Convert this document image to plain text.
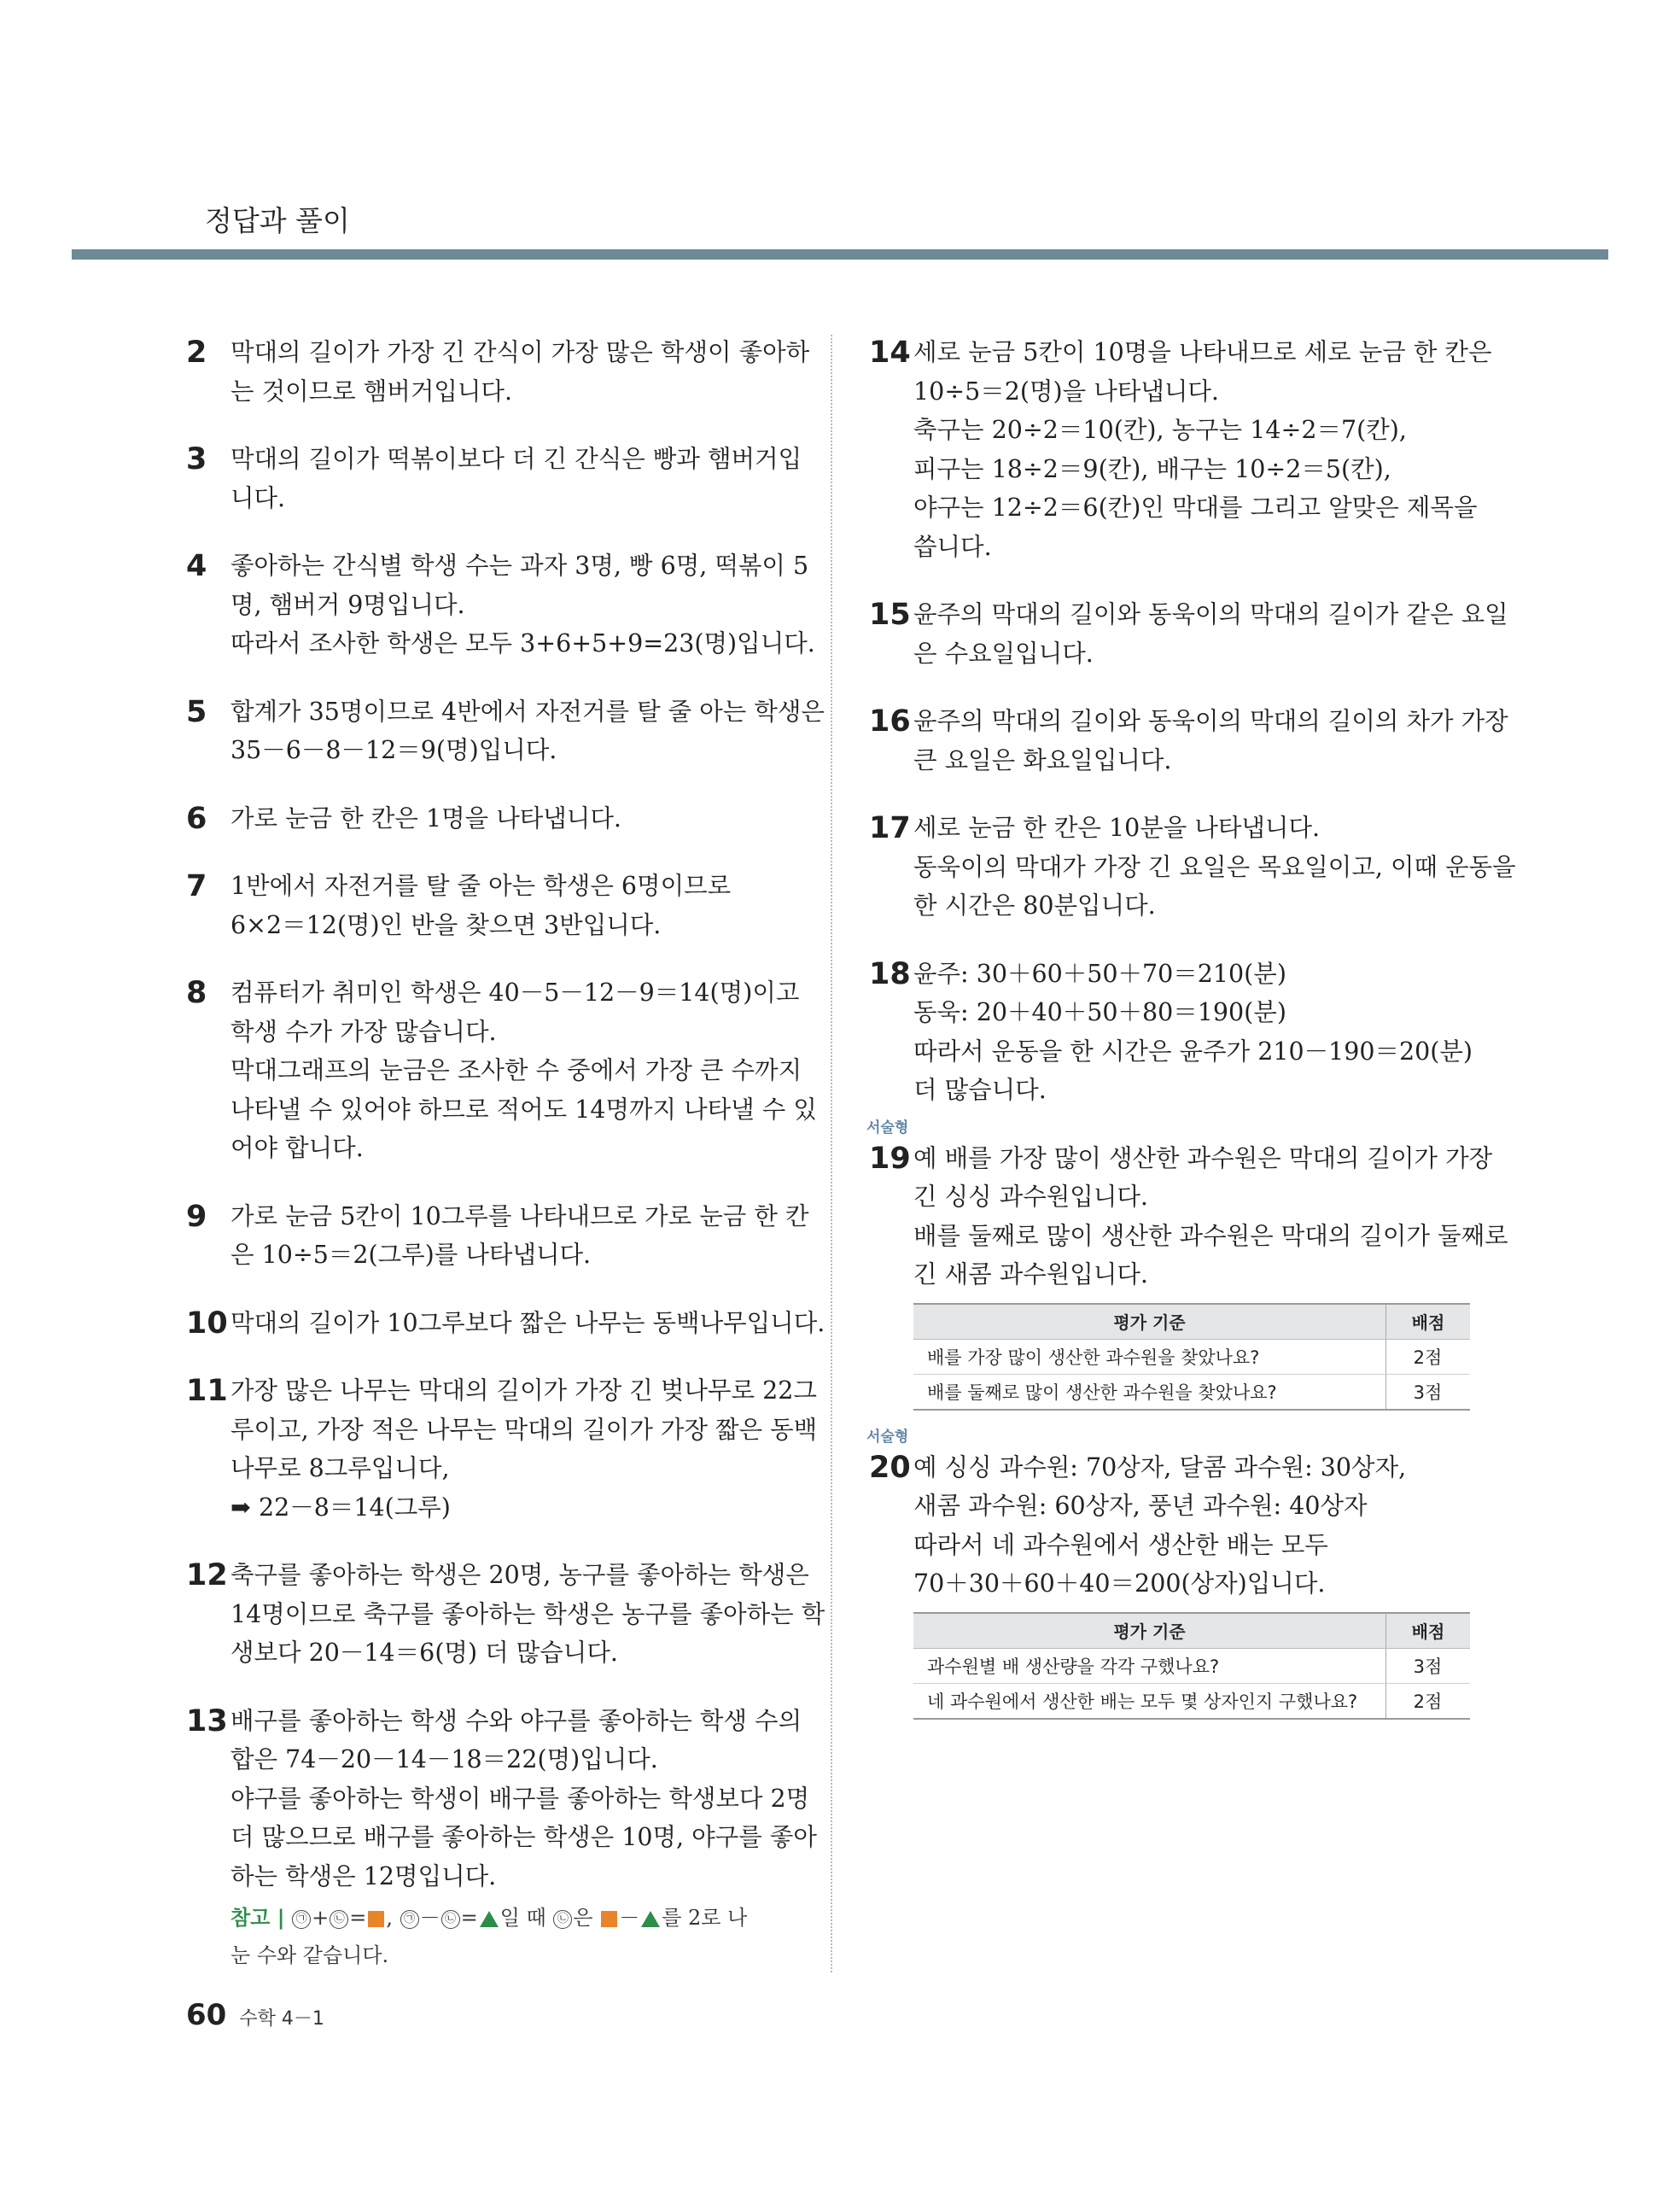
정답과 풀이
2 막대의 길이가 가장 긴 간식이 가장 많은 학생이 좋아하
는 것이므로 햄버거입니다.
3 막대의 길이가 떡볶이보다 더 긴 간식은 빵과 햄버거입
니다.
4 좋아하는 간식별 학생 수는 과자 3명, 빵 6명, 떡볶이 5
명, 햄버거 9명입니다.
따라서 조사한 학생은 모두 3+6+5+9=23(명)입니다.
5 합계가 35명이므로 4반에서 자전거를 탈 줄 아는 학생은
35－6－8－12＝9(명)입니다.
6 가로 눈금 한 칸은 1명을 나타냅니다.
7 1반에서 자전거를 탈 줄 아는 학생은 6명이므로
6×2＝12(명)인 반을 찾으면 3반입니다.
8 컴퓨터가 취미인 학생은 40－5－12－9＝14(명)이고
학생 수가 가장 많습니다.
막대그래프의 눈금은 조사한 수 중에서 가장 큰 수까지
나타낼 수 있어야 하므로 적어도 14명까지 나타낼 수 있
어야 합니다.
9 가로 눈금 5칸이 10그루를 나타내므로 가로 눈금 한 칸
은 10÷5＝2(그루)를 나타냅니다.
10 막대의 길이가 10그루보다 짧은 나무는 동백나무입니다.
11 가장 많은 나무는 막대의 길이가 가장 긴 벚나무로 22그
루이고, 가장 적은 나무는 막대의 길이가 가장 짧은 동백
나무로 8그루입니다,
➡ 22－8＝14(그루)
12 축구를 좋아하는 학생은 20명, 농구를 좋아하는 학생은
14명이므로 축구를 좋아하는 학생은 농구를 좋아하는 학
생보다 20－14＝6(명) 더 많습니다.
13 배구를 좋아하는 학생 수와 야구를 좋아하는 학생 수의
합은 74－20－14－18＝22(명)입니다.
야구를 좋아하는 학생이 배구를 좋아하는 학생보다 2명
더 많으므로 배구를 좋아하는 학생은 10명, 야구를 좋아
하는 학생은 12명입니다.
참고 | ㉠ + ㉡ = , ㉠ － ㉡ = 일 때 ㉡ 은 － 를 2로 나
눈 수와 같습니다.
14 세로 눈금 5칸이 10명을 나타내므로 세로 눈금 한 칸은
10÷5＝2(명)을 나타냅니다.
축구는 20÷2＝10(칸), 농구는 14÷2＝7(칸),
피구는 18÷2＝9(칸), 배구는 10÷2＝5(칸),
야구는 12÷2＝6(칸)인 막대를 그리고 알맞은 제목을
씁니다.
15 윤주의 막대의 길이와 동욱이의 막대의 길이가 같은 요일
은 수요일입니다.
16 윤주의 막대의 길이와 동욱이의 막대의 길이의 차가 가장
큰 요일은 화요일입니다.
17 세로 눈금 한 칸은 10분을 나타냅니다.
동욱이의 막대가 가장 긴 요일은 목요일이고, 이때 운동을
한 시간은 80분입니다.
18 윤주: 30＋60＋50＋70＝210(분)
동욱: 20＋40＋50＋80＝190(분)
따라서 운동을 한 시간은 윤주가 210－190＝20(분)
더 많습니다.
19 예 배를 가장 많이 생산한 과수원은 막대의 길이가 가장
긴 싱싱 과수원입니다.
배를 둘째로 많이 생산한 과수원은 막대의 길이가 둘째로
긴 새콤 과수원입니다.
서술형
평가 기준	배점
배를 가장 많이 생산한 과수원을 찾았나요?	2점
배를 둘째로 많이 생산한 과수원을 찾았나요?	3점
20 예 싱싱 과수원: 70상자, 달콤 과수원: 30상자,
새콤 과수원: 60상자, 풍년 과수원: 40상자
따라서 네 과수원에서 생산한 배는 모두
70＋30＋60＋40＝200(상자)입니다.
서술형
평가 기준	배점
과수원별 배 생산량을 각각 구했나요?	3점
네 과수원에서 생산한 배는 모두 몇 상자인지 구했나요?	2점
60 수학 4－1
